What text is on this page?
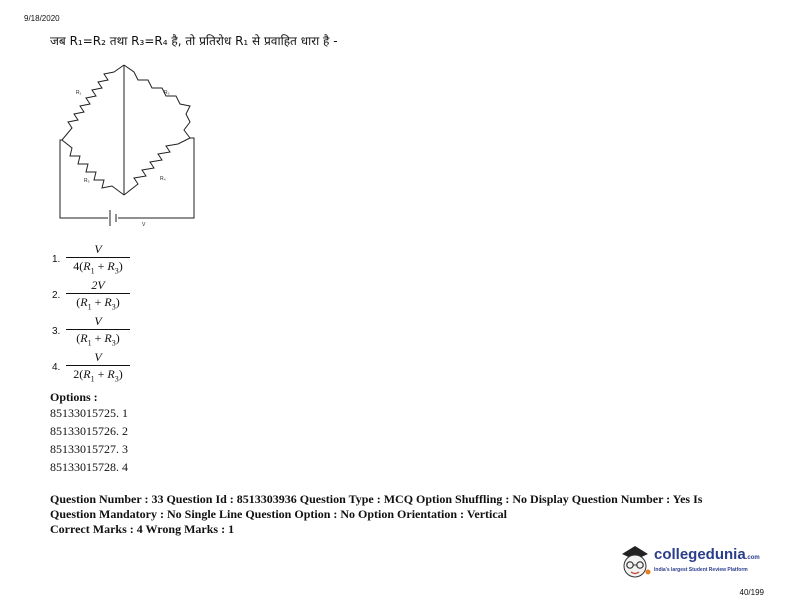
9/18/2020
जब R₁=R₂ तथा R₃=R₄ है, तो प्रतिरोध R₁ से प्रवाहित धारा है -
R₁	R₂
R₃	R₄
V
1.
V
$4(R_1 + R_3)$
2.
2V
$(R_1 + R_3)$
3.
V
$(R_1 + R_3)$
4.
V
$2(R_1 + R_3)$
Options :
85133015725. 1
85133015726. 2
85133015727. 3
85133015728. 4
Question Number : 33 Question Id : 8513303936 Question Type : MCQ Option Shuffling : No Display Question Number : Yes Is
Question Mandatory : No Single Line Question Option : No Option Orientation : Vertical
Correct Marks : 4 Wrong Marks : 1
collegedunia.com
India's largest Student Review Platform
40/199
